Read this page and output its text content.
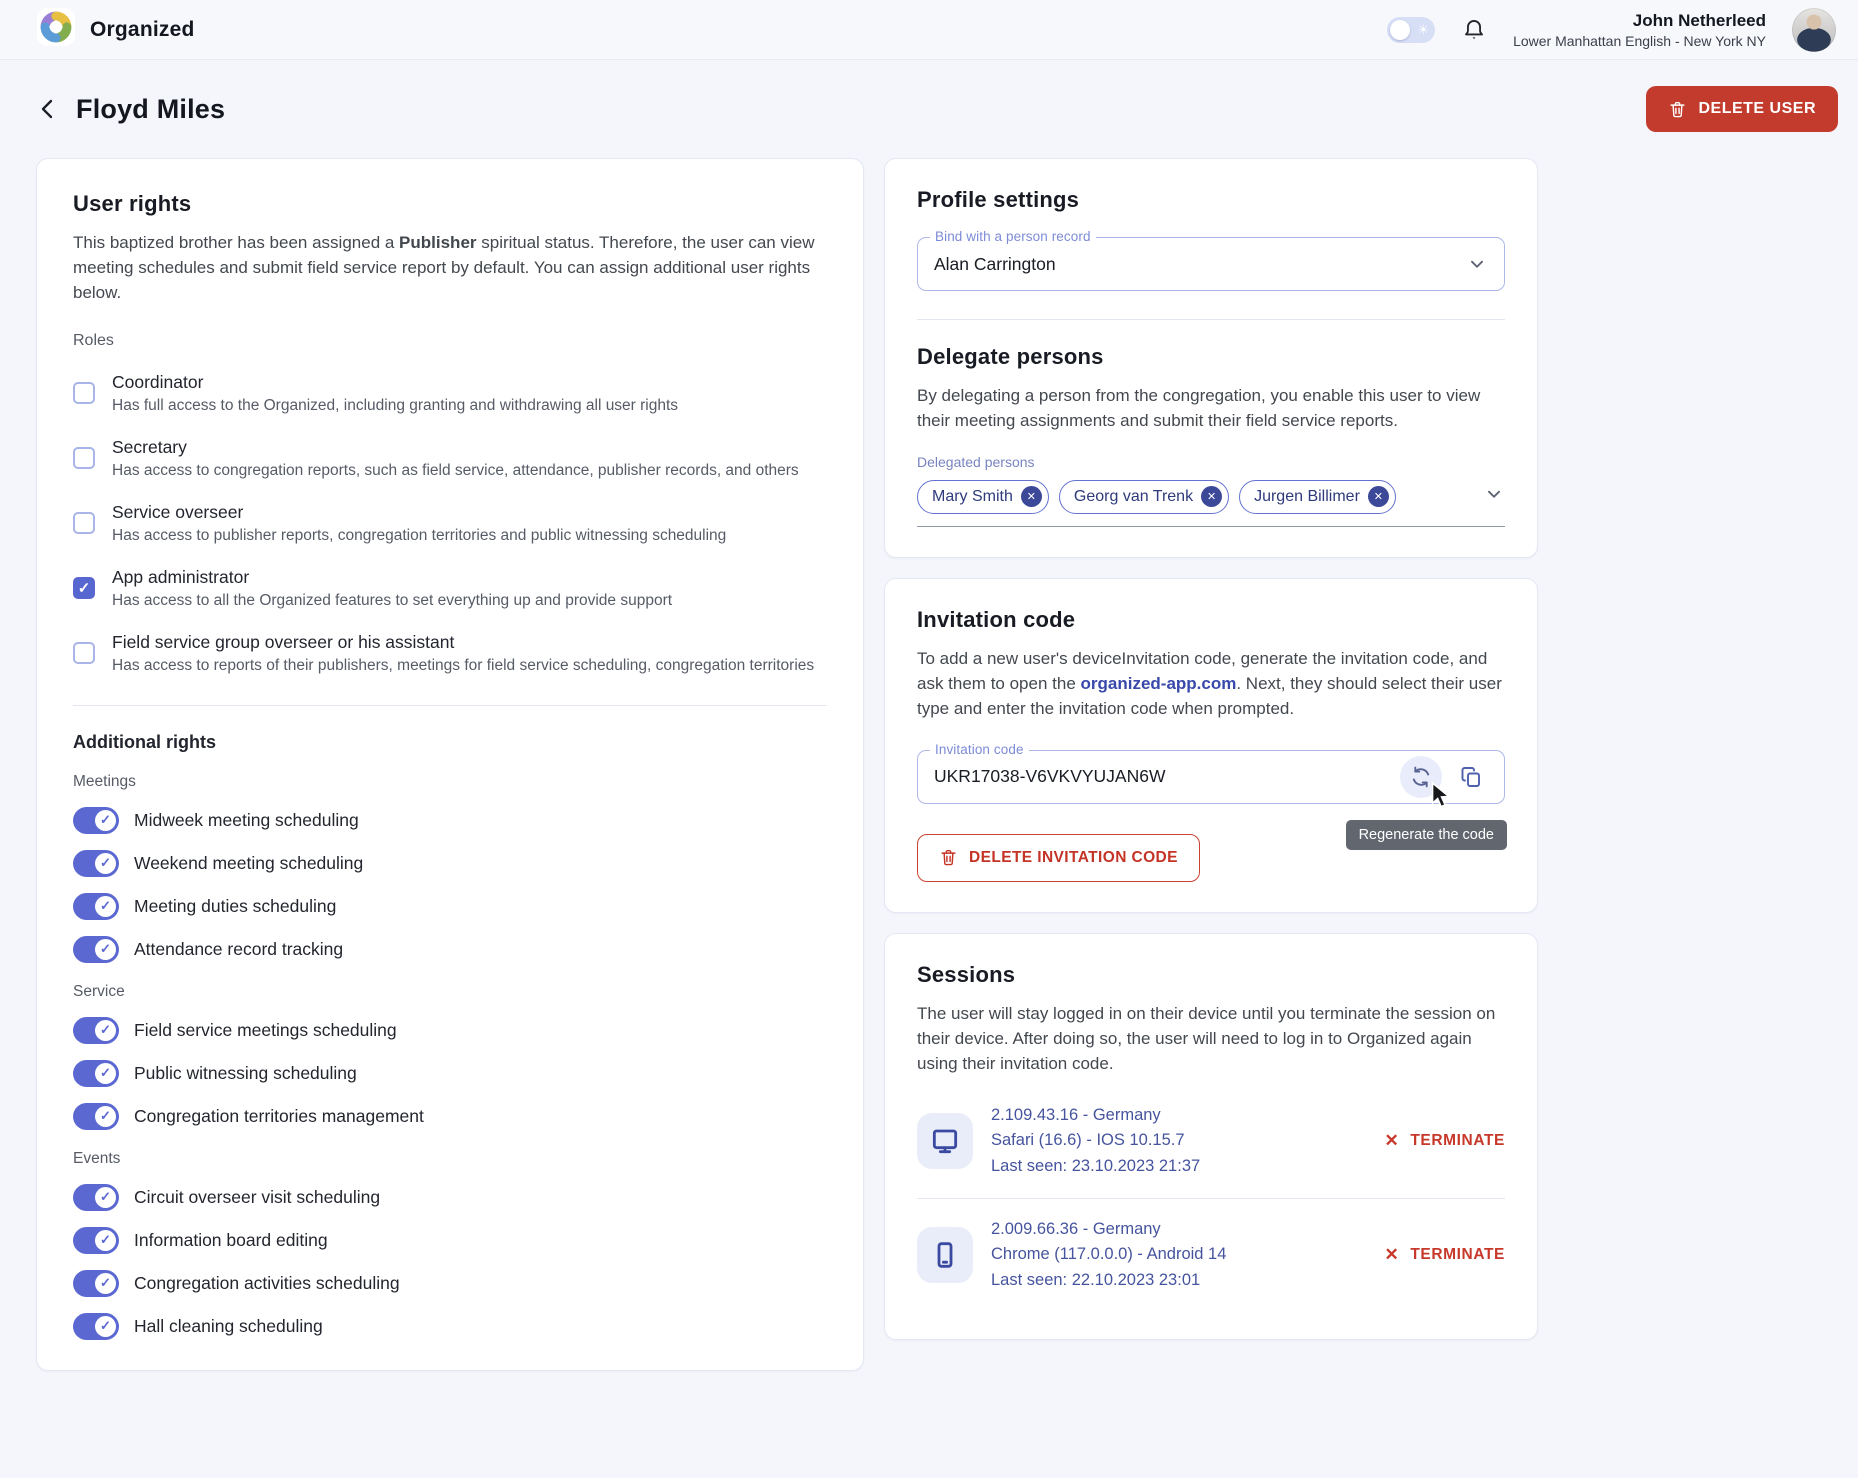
Organized	☀	John Netherleed
Lower Manhattan English - New York NY
Floyd Miles	DELETE USER
User rights

This baptized brother has been assigned a Publisher spiritual status. Therefore, the user can view meeting schedules and submit field service report by default. You can assign additional user rights below.

Roles
Coordinator
Has full access to the Organized, including granting and withdrawing all user rights
Secretary
Has access to congregation reports, such as field service, attendance, publisher records, and others
Service overseer
Has access to publisher reports, congregation territories and public witnessing scheduling
✓
App administrator
Has access to all the Organized features to set everything up and provide support
Field service group overseer or his assistant
Has access to reports of their publishers, meetings for field service scheduling, congregation territories
Additional rights
Meetings
✓ Midweek meeting scheduling
✓ Weekend meeting scheduling
✓ Meeting duties scheduling
✓ Attendance record tracking
Service
✓ Field service meetings scheduling
✓ Public witnessing scheduling
✓ Congregation territories management
Events
✓ Circuit overseer visit scheduling
✓ Information board editing
✓ Congregation activities scheduling
✓ Hall cleaning scheduling
Profile settings
Bind with a person record
Alan Carrington
Delegate persons

By delegating a person from the congregation, you enable this user to view their meeting assignments and submit their field service reports.

Delegated persons
Mary Smith	✕	Georg van Trenk	✕	Jurgen Billimer	✕
Invitation code

To add a new user's deviceInvitation code, generate the invitation code, and ask them to open the organized-app.com. Next, they should select their user type and enter the invitation code when prompted.

Invitation code
UKR17038-V6VKVYUJAN6W
Regenerate the code
DELETE INVITATION CODE
Sessions

The user will stay logged in on their device until you terminate the session on their device. After doing so, the user will need to log in to Organized again using their invitation code.

2.109.43.16 - Germany
Safari (16.6) - IOS 10.15.7
Last seen: 23.10.2023 21:37
✕ TERMINATE
2.009.66.36 - Germany
Chrome (117.0.0.0) - Android 14
Last seen: 22.10.2023 23:01
✕ TERMINATE
